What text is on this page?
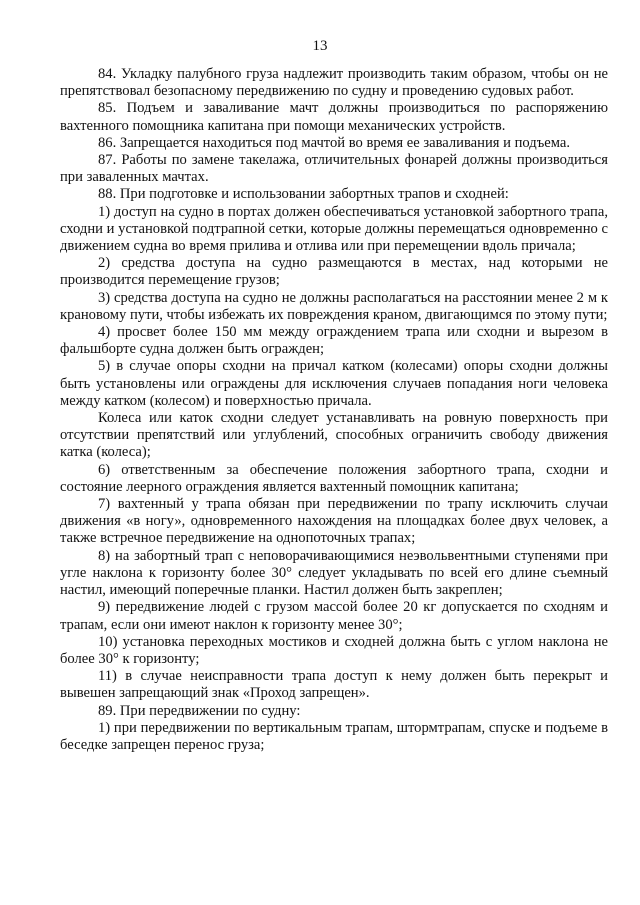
13

84. Укладку палубного груза надлежит производить таким образом, чтобы он не препятствовал безопасному передвижению по судну и проведению судовых работ.

85. Подъем и заваливание мачт должны производиться по распоряжению вахтенного помощника капитана при помощи механических устройств.

86. Запрещается находиться под мачтой во время ее заваливания и подъема.

87. Работы по замене такелажа, отличительных фонарей должны производиться при заваленных мачтах.

88. При подготовке и использовании забортных трапов и сходней:

1) доступ на судно в портах должен обеспечиваться установкой забортного трапа, сходни и установкой подтрапной сетки, которые должны перемещаться одновременно с движением судна во время прилива и отлива или при перемещении вдоль причала;

2) средства доступа на судно размещаются в местах, над которыми не производится перемещение грузов;

3) средства доступа на судно не должны располагаться на расстоянии менее 2 м к крановому пути, чтобы избежать их повреждения краном, двигающимся по этому пути;

4) просвет более 150 мм между ограждением трапа или сходни и вырезом в фальшборте судна должен быть огражден;

5) в случае опоры сходни на причал катком (колесами) опоры сходни должны быть установлены или ограждены для исключения случаев попадания ноги человека между катком (колесом) и поверхностью причала.

Колеса или каток сходни следует устанавливать на ровную поверхность при отсутствии препятствий или углублений, способных ограничить свободу движения катка (колеса);

6) ответственным за обеспечение положения забортного трапа, сходни и состояние леерного ограждения является вахтенный помощник капитана;

7) вахтенный у трапа обязан при передвижении по трапу исключить случаи движения «в ногу», одновременного нахождения на площадках более двух человек, а также встречное передвижение на однопоточных трапах;

8) на забортный трап с неповорачивающимися неэвольвентными ступенями при угле наклона к горизонту более 30° следует укладывать по всей его длине съемный настил, имеющий поперечные планки. Настил должен быть закреплен;

9) передвижение людей с грузом массой более 20 кг допускается по сходням и трапам, если они имеют наклон к горизонту менее 30°;

10) установка переходных мостиков и сходней должна быть с углом наклона не более 30° к горизонту;

11) в случае неисправности трапа доступ к нему должен быть перекрыт и вывешен запрещающий знак «Проход запрещен».

89. При передвижении по судну:

1) при передвижении по вертикальным трапам, штормтрапам, спуске и подъеме в беседке запрещен перенос груза;
